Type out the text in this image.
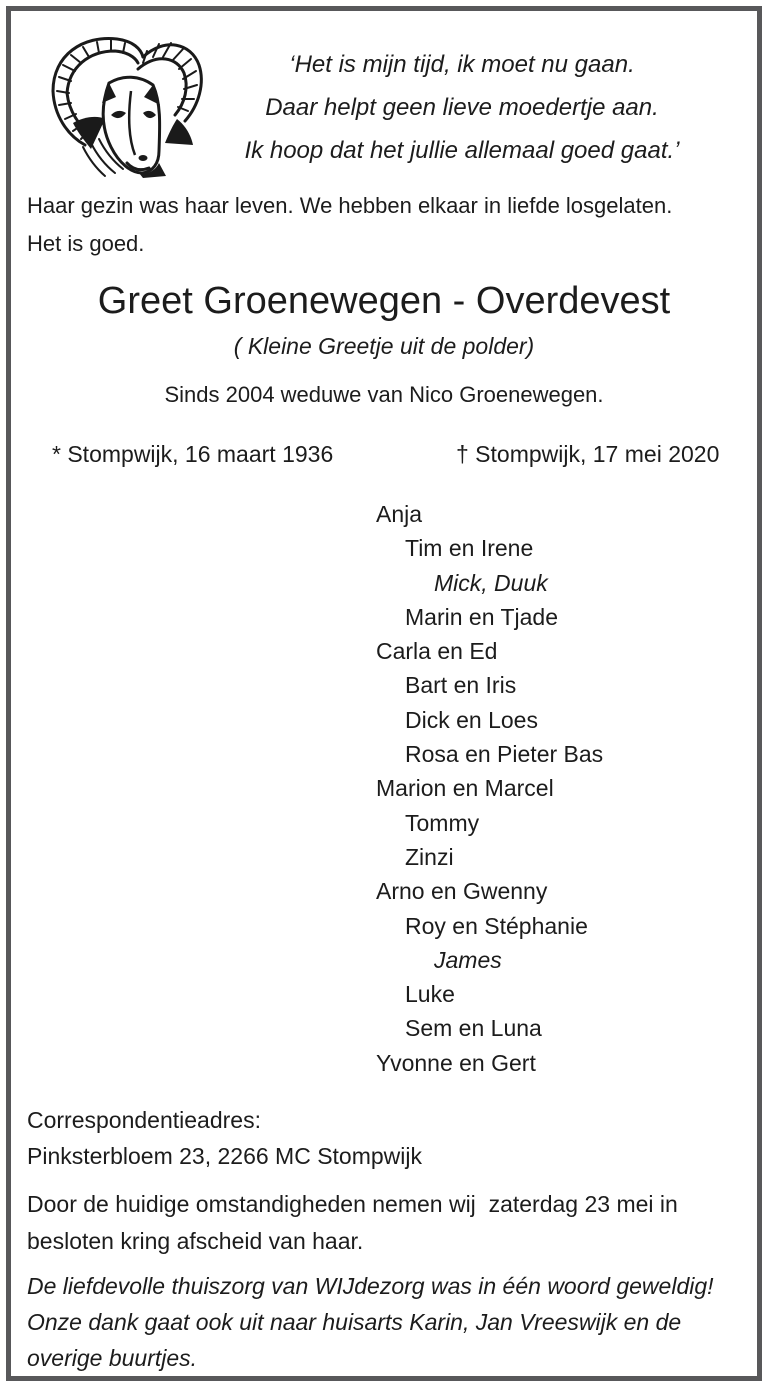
‘Het is mijn tijd, ik moet nu gaan.
Daar helpt geen lieve moedertje aan.
Ik hoop dat het jullie allemaal goed gaat.’
Haar gezin was haar leven. We hebben elkaar in liefde losgelaten.
Het is goed.
Greet Groenewegen - Overdevest
( Kleine Greetje uit de polder)
Sinds 2004 weduwe van Nico Groenewegen.
* Stompwijk, 16 maart 1936	† Stompwijk, 17 mei 2020
Anja
Tim en Irene
Mick, Duuk
Marin en Tjade
Carla en Ed
Bart en Iris
Dick en Loes
Rosa en Pieter Bas
Marion en Marcel
Tommy
Zinzi
Arno en Gwenny
Roy en Stéphanie
James
Luke
Sem en Luna
Yvonne en Gert
Correspondentieadres:
Pinksterbloem 23, 2266 MC Stompwijk
Door de huidige omstandigheden nemen wij  zaterdag 23 mei in
besloten kring afscheid van haar.
De liefdevolle thuiszorg van WIJdezorg was in één woord geweldig!
Onze dank gaat ook uit naar huisarts Karin, Jan Vreeswijk en de
overige buurtjes.
